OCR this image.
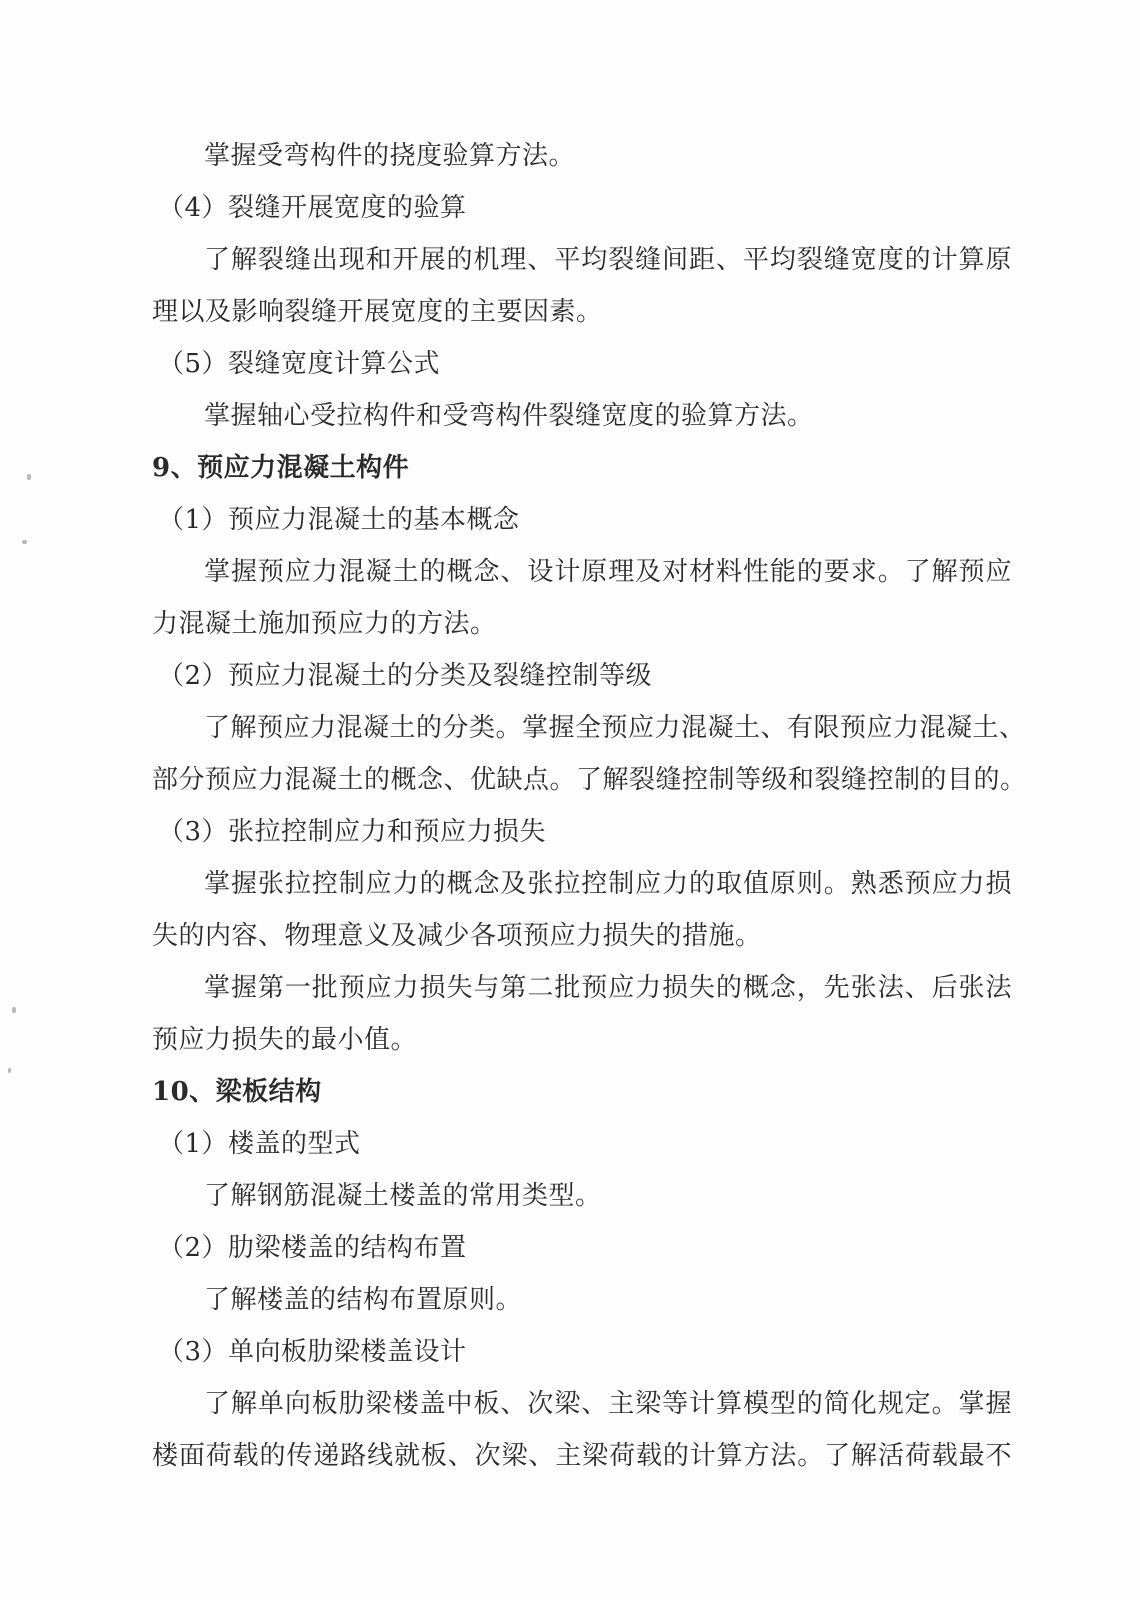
掌握受弯构件的挠度验算方法。
（4）裂缝开展宽度的验算
了解裂缝出现和开展的机理、平均裂缝间距、平均裂缝宽度的计算原
理以及影响裂缝开展宽度的主要因素。
（5）裂缝宽度计算公式
掌握轴心受拉构件和受弯构件裂缝宽度的验算方法。
9、预应力混凝土构件
（1）预应力混凝土的基本概念
掌握预应力混凝土的概念、设计原理及对材料性能的要求。了解预应
力混凝土施加预应力的方法。
（2）预应力混凝土的分类及裂缝控制等级
了解预应力混凝土的分类。掌握全预应力混凝土、有限预应力混凝土、
部分预应力混凝土的概念、优缺点。了解裂缝控制等级和裂缝控制的目的。
（3）张拉控制应力和预应力损失
掌握张拉控制应力的概念及张拉控制应力的取值原则。熟悉预应力损
失的内容、物理意义及减少各项预应力损失的措施。
掌握第一批预应力损失与第二批预应力损失的概念，先张法、后张法
预应力损失的最小值。
10、梁板结构
（1）楼盖的型式
了解钢筋混凝土楼盖的常用类型。
（2）肋梁楼盖的结构布置
了解楼盖的结构布置原则。
（3）单向板肋梁楼盖设计
了解单向板肋梁楼盖中板、次梁、主梁等计算模型的简化规定。掌握
楼面荷载的传递路线就板、次梁、主梁荷载的计算方法。了解活荷载最不
